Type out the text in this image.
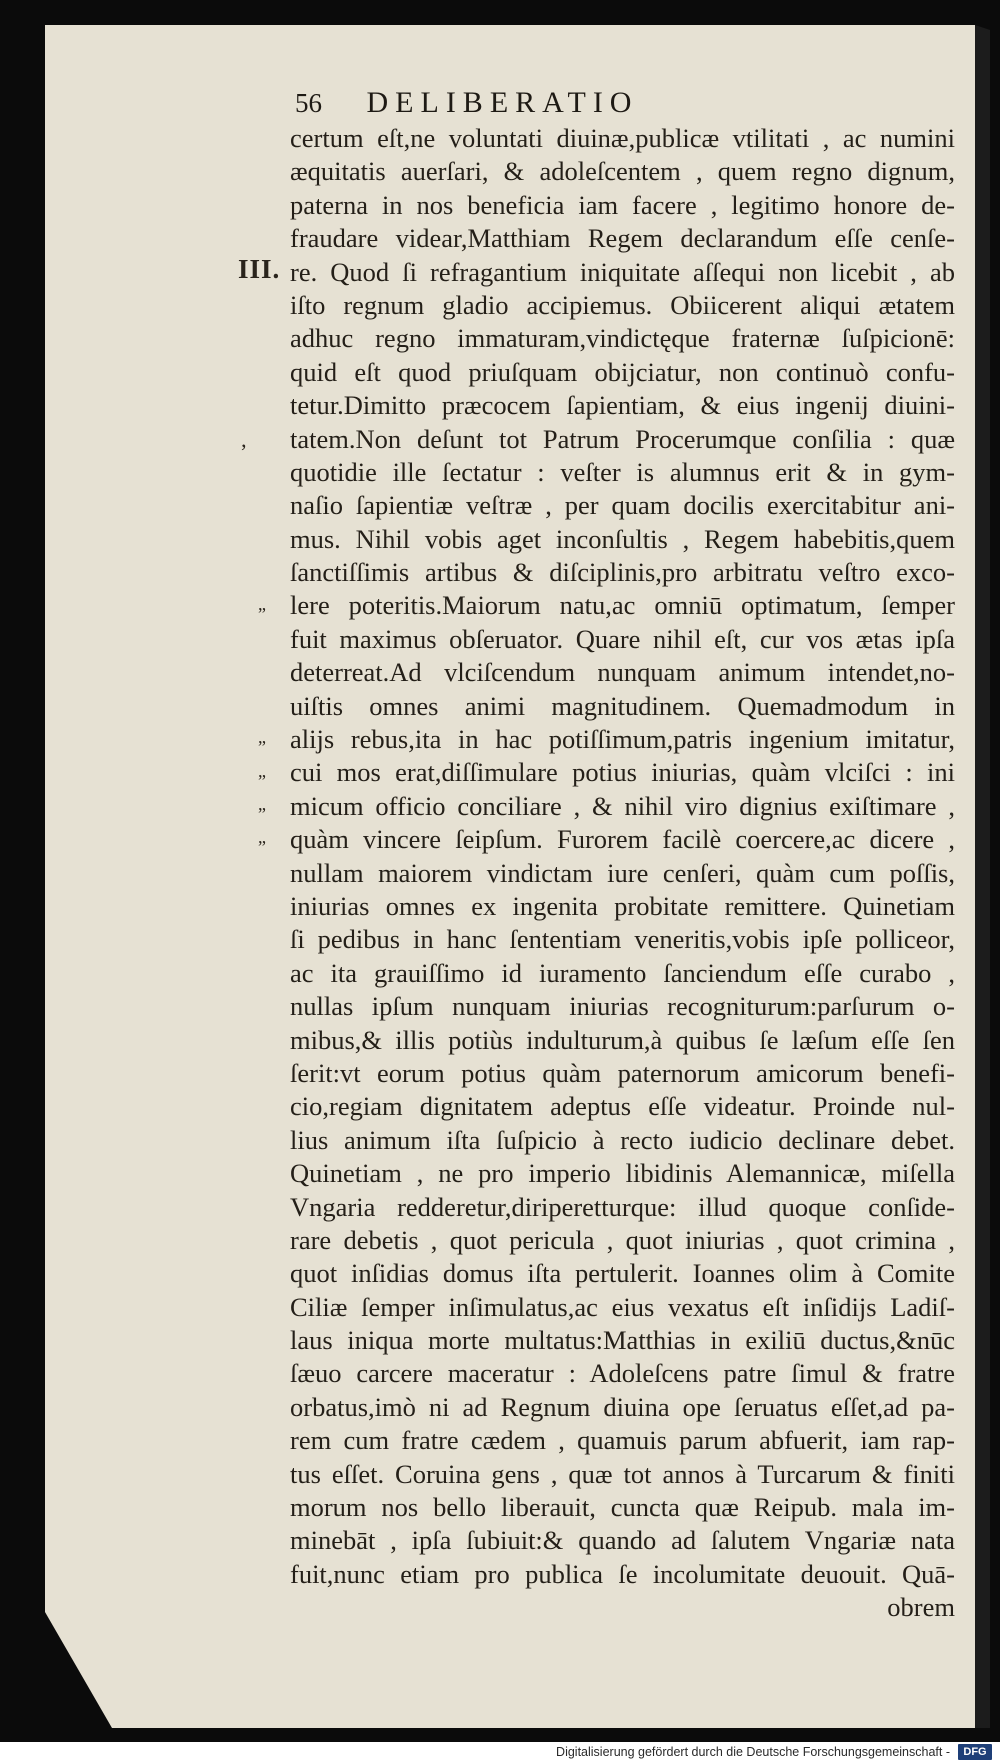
56 DELIBERATIO
III.
‚
„
„
„
„
„
certum eſt,ne voluntati diuinæ,publicæ vtilitati , ac numini
æquitatis auerſari, & adoleſcentem , quem regno dignum,
paterna in nos beneficia iam facere , legitimo honore de-
fraudare videar,Matthiam Regem declarandum eſſe cenſe-
re. Quod ſi refragantium iniquitate aſſequi non licebit , ab
iſto regnum gladio accipiemus. Obiicerent aliqui ætatem
adhuc regno immaturam,vindictęque fraternæ ſuſpicionē:
quid eſt quod priuſquam obijciatur, non continuò confu-
tetur.Dimitto præcocem ſapientiam, & eius ingenij diuini-
tatem.Non deſunt tot Patrum Procerumque conſilia : quæ
quotidie ille ſectatur : veſter is alumnus erit & in gym-
naſio ſapientiæ veſtræ , per quam docilis exercitabitur ani-
mus. Nihil vobis aget inconſultis , Regem habebitis,quem
ſanctiſſimis artibus & diſciplinis,pro arbitratu veſtro exco-
lere poteritis.Maiorum natu,ac omniū optimatum, ſemper
fuit maximus obſeruator. Quare nihil eſt, cur vos ætas ipſa
deterreat.Ad vlciſcendum nunquam animum intendet,no-
uiſtis omnes animi magnitudinem. Quemadmodum in
alijs rebus,ita in hac potiſſimum,patris ingenium imitatur,
cui mos erat,diſſimulare potius iniurias, quàm vlciſci : ini
micum officio conciliare , & nihil viro dignius exiſtimare ,
quàm vincere ſeipſum. Furorem facilè coercere,ac dicere ,
nullam maiorem vindictam iure cenſeri, quàm cum poſſis,
iniurias omnes ex ingenita probitate remittere. Quinetiam
ſi pedibus in hanc ſententiam veneritis,vobis ipſe polliceor,
ac ita grauiſſimo id iuramento ſanciendum eſſe curabo ,
nullas ipſum nunquam iniurias recogniturum:parſurum o-
mibus,& illis potiùs indulturum,à quibus ſe læſum eſſe ſen
ſerit:vt eorum potius quàm paternorum amicorum benefi-
cio,regiam dignitatem adeptus eſſe videatur. Proinde nul-
lius animum iſta ſuſpicio à recto iudicio declinare debet.
Quinetiam , ne pro imperio libidinis Alemannicæ, miſella
Vngaria redderetur,diriperetturque: illud quoque conſide-
rare debetis , quot pericula , quot iniurias , quot crimina ,
quot inſidias domus iſta pertulerit. Ioannes olim à Comite
Ciliæ ſemper inſimulatus,ac eius vexatus eſt inſidijs Ladiſ-
laus iniqua morte multatus:Matthias in exiliū ductus,&nūc
ſæuo carcere maceratur : Adoleſcens patre ſimul & fratre
orbatus,imò ni ad Regnum diuina ope ſeruatus eſſet,ad pa-
rem cum fratre cædem , quamuis parum abfuerit, iam rap-
tus eſſet. Coruina gens , quæ tot annos à Turcarum & finiti
morum nos bello liberauit, cuncta quæ Reipub. mala im-
minebāt , ipſa ſubiuit:& quando ad ſalutem Vngariæ nata
fuit,nunc etiam pro publica ſe incolumitate deuouit. Quā-
obrem
Digitalisierung gefördert durch die Deutsche Forschungsgemeinschaft -	DFG
